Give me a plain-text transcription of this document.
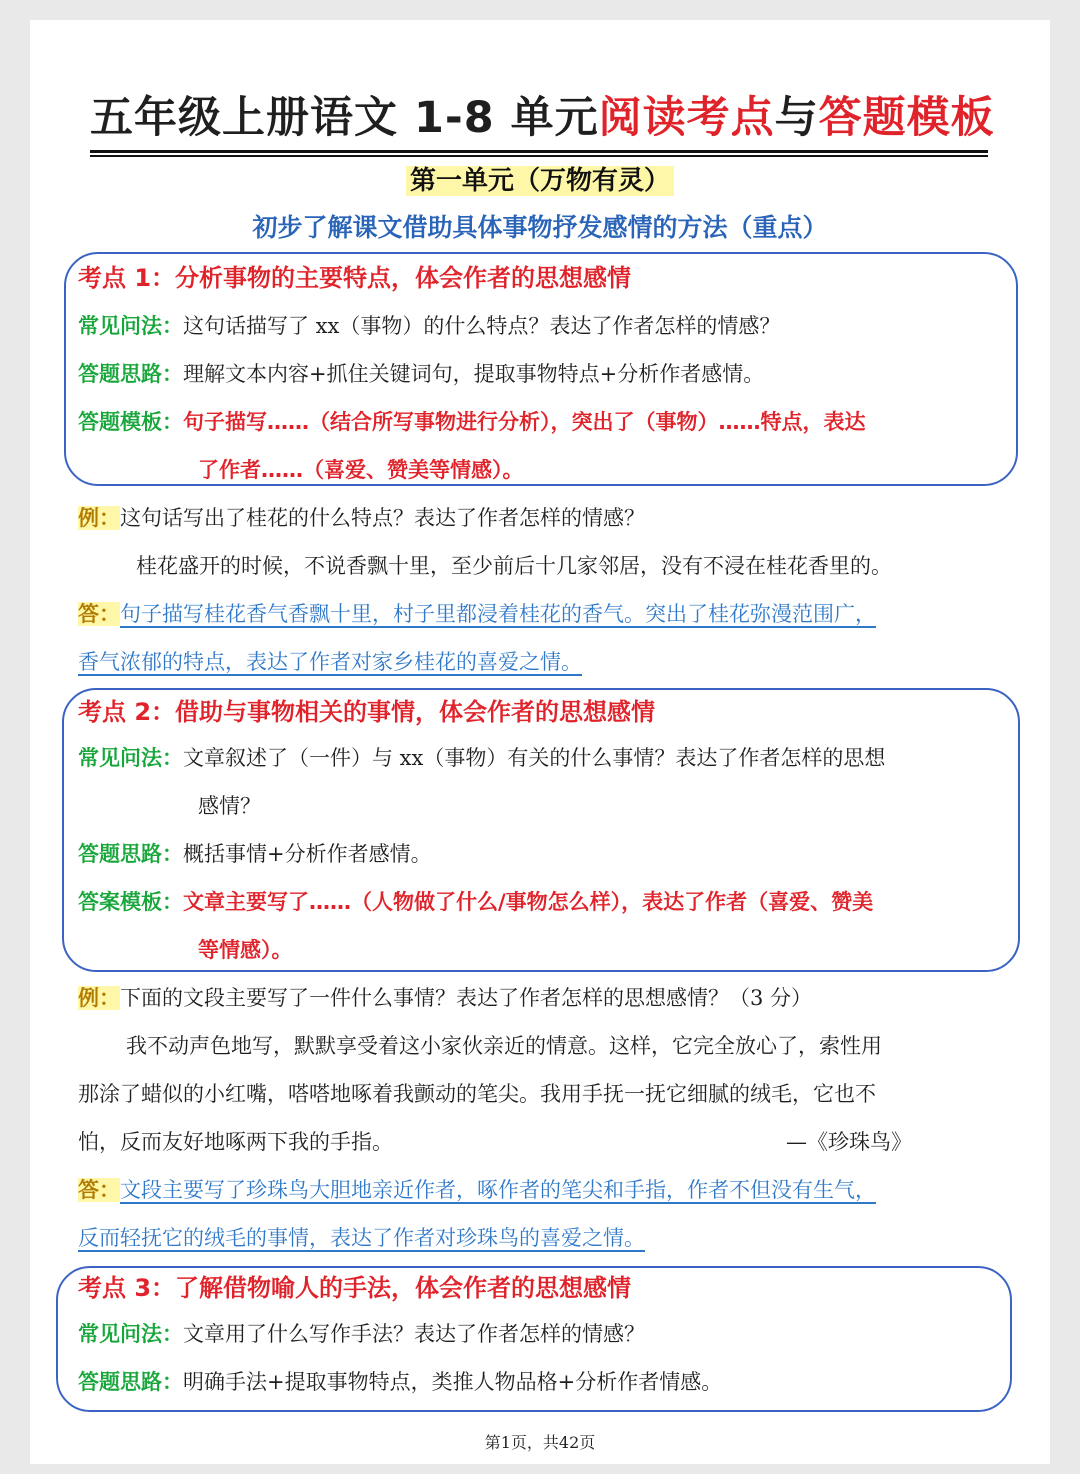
五年级上册语文 1-8 单元阅读考点与答题模板
第一单元（万物有灵）
初步了解课文借助具体事物抒发感情的方法（重点）
考点 1：分析事物的主要特点，体会作者的思想感情
常见问法：这句话描写了 xx（事物）的什么特点？表达了作者怎样的情感？
答题思路：理解文本内容+抓住关键词句，提取事物特点+分析作者感情。
答题模板：句子描写……（结合所写事物进行分析），突出了（事物）……特点，表达
了作者……（喜爱、赞美等情感）。
例：这句话写出了桂花的什么特点？表达了作者怎样的情感？
桂花盛开的时候，不说香飘十里，至少前后十几家邻居，没有不浸在桂花香里的。
答：句子描写桂花香气香飘十里，村子里都浸着桂花的香气。突出了桂花弥漫范围广，
香气浓郁的特点，表达了作者对家乡桂花的喜爱之情。
考点 2：借助与事物相关的事情，体会作者的思想感情
常见问法：文章叙述了（一件）与 xx（事物）有关的什么事情？表达了作者怎样的思想
感情？
答题思路：概括事情+分析作者感情。
答案模板：文章主要写了……（人物做了什么/事物怎么样），表达了作者（喜爱、赞美
等情感）。
例：下面的文段主要写了一件什么事情？表达了作者怎样的思想感情？（3 分）
我不动声色地写，默默享受着这小家伙亲近的情意。这样，它完全放心了，索性用
那涂了蜡似的小红嘴，嗒嗒地啄着我颤动的笔尖。我用手抚一抚它细腻的绒毛，它也不
怕，反而友好地啄两下我的手指。	—《珍珠鸟》
答：文段主要写了珍珠鸟大胆地亲近作者，啄作者的笔尖和手指，作者不但没有生气，
反而轻抚它的绒毛的事情，表达了作者对珍珠鸟的喜爱之情。
考点 3：了解借物喻人的手法，体会作者的思想感情
常见问法：文章用了什么写作手法？表达了作者怎样的情感？
答题思路：明确手法+提取事物特点，类推人物品格+分析作者情感。
第1页，共42页
